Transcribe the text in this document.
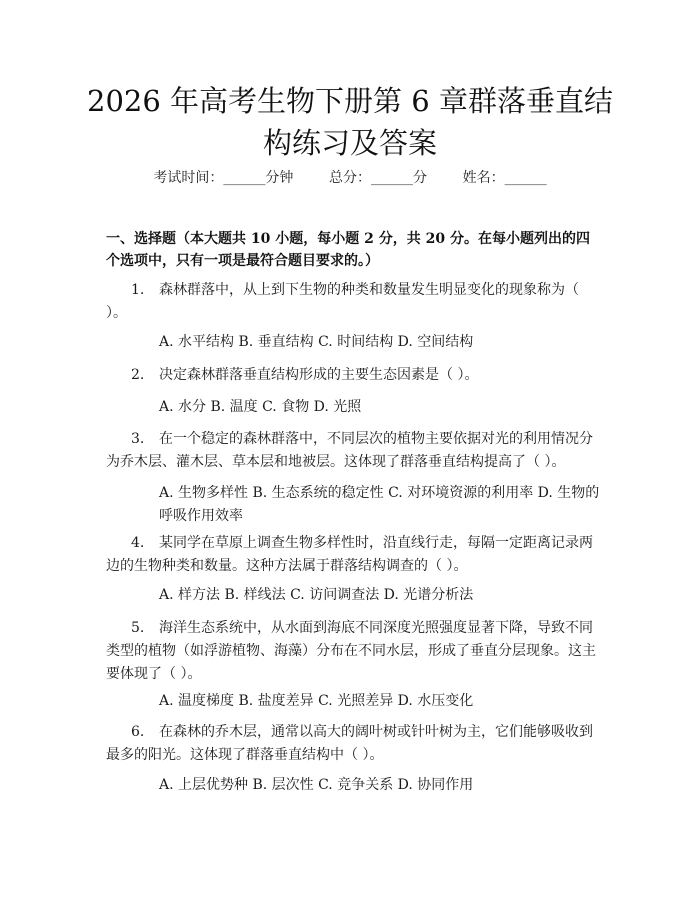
2026 年高考生物下册第 6 章群落垂直结构练习及答案
考试时间：______分钟	总分：______分	姓名：______
一、选择题（本大题共 10 小题，每小题 2 分，共 20 分。在每小题列出的四个选项中，只有一项是最符合题目要求的。）
1. 森林群落中，从上到下生物的种类和数量发生明显变化的现象称为（ ）。
A. 水平结构 B. 垂直结构 C. 时间结构 D. 空间结构
2. 决定森林群落垂直结构形成的主要生态因素是（ ）。
A. 水分 B. 温度 C. 食物 D. 光照
3. 在一个稳定的森林群落中，不同层次的植物主要依据对光的利用情况分为乔木层、灌木层、草本层和地被层。这体现了群落垂直结构提高了（ ）。
A. 生物多样性 B. 生态系统的稳定性 C. 对环境资源的利用率 D. 生物的呼吸作用效率
4. 某同学在草原上调查生物多样性时，沿直线行走，每隔一定距离记录两边的生物种类和数量。这种方法属于群落结构调查的（ ）。
A. 样方法 B. 样线法 C. 访问调查法 D. 光谱分析法
5. 海洋生态系统中，从水面到海底不同深度光照强度显著下降，导致不同类型的植物（如浮游植物、海藻）分布在不同水层，形成了垂直分层现象。这主要体现了（ ）。
A. 温度梯度 B. 盐度差异 C. 光照差异 D. 水压变化
6. 在森林的乔木层，通常以高大的阔叶树或针叶树为主，它们能够吸收到最多的阳光。这体现了群落垂直结构中（ ）。
A. 上层优势种 B. 层次性 C. 竞争关系 D. 协同作用
